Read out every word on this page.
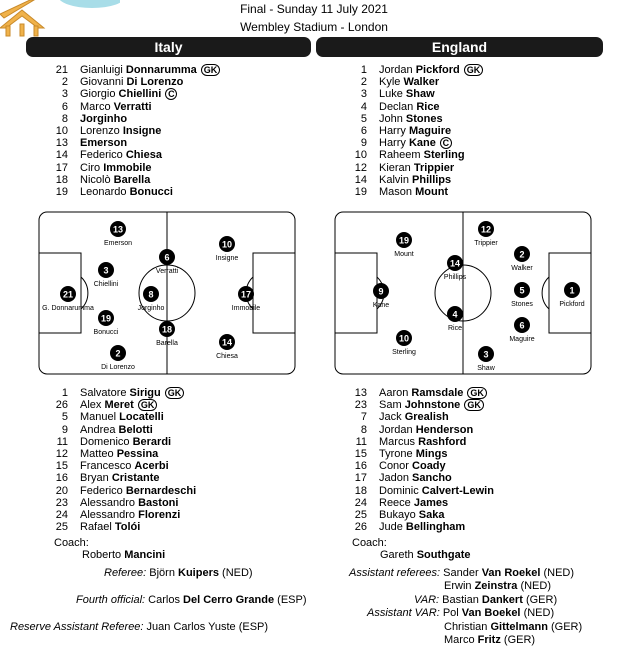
Final - Sunday 11 July 2021
Wembley Stadium - London
Italy	England
21 Gianluigi Donnarumma GK
2 Giovanni Di Lorenzo
3 Giorgio Chiellini C
6 Marco Verratti
8 Jorginho
10 Lorenzo Insigne
13 Emerson
14 Federico Chiesa
17 Ciro Immobile
18 Nicolò Barella
19 Leonardo Bonucci
1 Jordan Pickford GK
2 Kyle Walker
3 Luke Shaw
4 Declan Rice
5 John Stones
6 Harry Maguire
9 Harry Kane C
10 Raheem Sterling
12 Kieran Trippier
14 Kalvin Phillips
19 Mason Mount
13
Emerson
3
Chiellini
21
G. Donnarumma
19
Bonucci
2
Di Lorenzo
6
Verratti
8
Jorginho
18
Barella
10
Insigne
17
Immobile
14
Chiesa
19
Mount
9
Kane
10
Sterling
14
Phillips
4
Rice
12
Trippier
2
Walker
5
Stones
6
Maguire
3
Shaw
1
Pickford
1 Salvatore Sirigu GK
26 Alex Meret GK
5 Manuel Locatelli
9 Andrea Belotti
11 Domenico Berardi
12 Matteo Pessina
15 Francesco Acerbi
16 Bryan Cristante
20 Federico Bernardeschi
23 Alessandro Bastoni
24 Alessandro Florenzi
25 Rafael Tolói
13 Aaron Ramsdale GK
23 Sam Johnstone GK
7 Jack Grealish
8 Jordan Henderson
11 Marcus Rashford
15 Tyrone Mings
16 Conor Coady
17 Jadon Sancho
18 Dominic Calvert-Lewin
24 Reece James
25 Bukayo Saka
26 Jude Bellingham
Coach:
Roberto Mancini
Coach:
Gareth Southgate
Referee: Björn Kuipers (NED)
Fourth official: Carlos Del Cerro Grande (ESP)
Reserve Assistant Referee: Juan Carlos Yuste (ESP)
Assistant referees: Sander Van Roekel (NED)
Erwin Zeinstra (NED)
VAR: Bastian Dankert (GER)
Assistant VAR: Pol Van Boekel (NED)
Christian Gittelmann (GER)
Marco Fritz (GER)
